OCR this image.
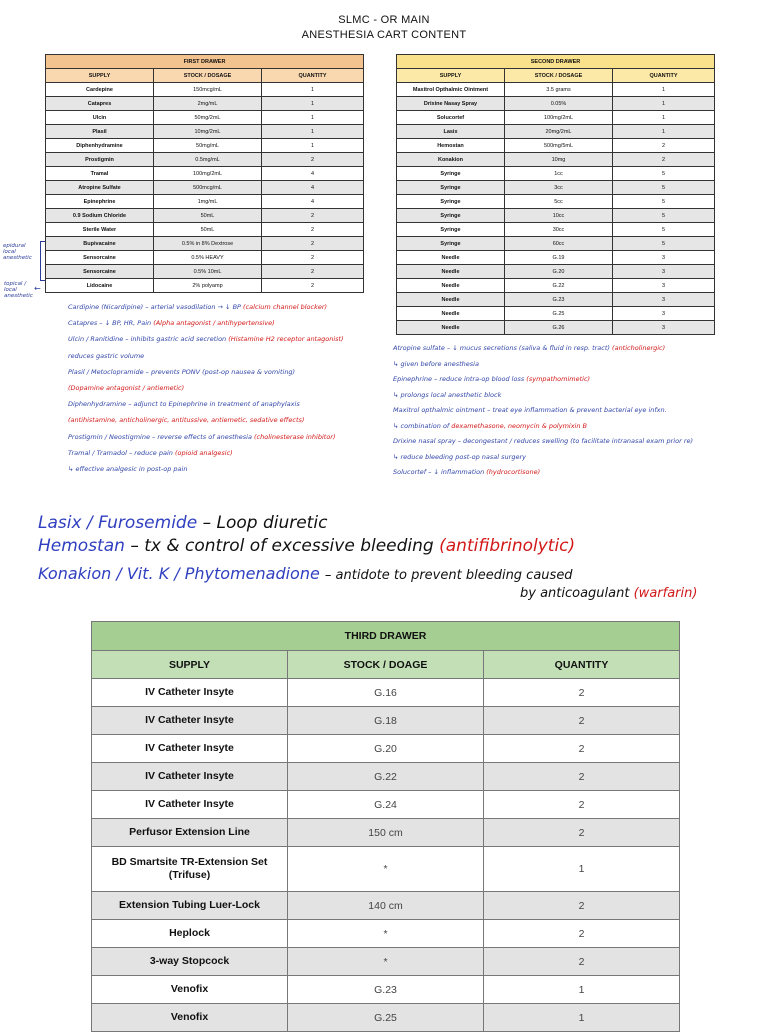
SLMC - OR MAIN
ANESTHESIA CART CONTENT
FIRST DRAWER		
SUPPLY	STOCK / DOSAGE	QUANTITY
Cardepine	150mcg/mL	1
Catapres	2mg/mL	1
Ulcin	50mg/2mL	1
Plasil	10mg/2mL	1
Diphenhydramine	50mg/mL	1
Prostigmin	0.5mg/mL	2
Tramal	100mg/2mL	4
Atropine Sulfate	500mcg/mL	4
Epinephrine	1mg/mL	4
0.9 Sodium Chloride	50mL	2
Sterile Water	50mL	2
Bupivacaine	0.5% in 8% Dextrose	2
Sensorcaine	0.5% HEAVY	2
Sensorcaine	0.5% 10mL	2
Lidocaine	2% polyamp	2
SECOND DRAWER		
SUPPLY	STOCK / DOSAGE	QUANTITY
Maxitrol Opthalmic Ointment	3.5 grams	1
Drixine Nasay Spray	0.05%	1
Solucortef	100mg/2mL	1
Lasix	20mg/2mL	1
Hemostan	500mg/5mL	2
Konakion	10mg	2
Syringe	1cc	5
Syringe	3cc	5
Syringe	5cc	5
Syringe	10cc	5
Syringe	30cc	5
Syringe	60cc	5
Needle	G.19	3
Needle	G.20	3
Needle	G.22	3
Needle	G.23	3
Needle	G.25	3
Needle	G.26	3
epidural
local
anesthetic
topical /
local
anesthetic
←
Cardipine (Nicardipine) – arterial vasodilation → ↓ BP (calcium channel blocker)
Catapres – ↓ BP, HR, Pain (Alpha antagonist / antihypertensive)
Ulcin / Ranitidine – inhibits gastric acid secretion (Histamine H2 receptor antagonist)
reduces gastric volume
Plasil / Metoclopramide – prevents PONV (post-op nausea & vomiting)
(Dopamine antagonist / antiemetic)
Diphenhydramine – adjunct to Epinephrine in treatment of anaphylaxis
(antihistamine, anticholinergic, antitussive, antiemetic, sedative effects)
Prostigmin / Neostigmine – reverse effects of anesthesia (cholinesterase inhibitor)
Tramal / Tramadol – reduce pain (opioid analgesic)
↳ effective analgesic in post-op pain
Atropine sulfate – ↓ mucus secretions (saliva & fluid in resp. tract) (anticholinergic)
↳ given before anesthesia
Epinephrine – reduce intra-op blood loss (sympathomimetic)
↳ prolongs local anesthetic block
Maxitrol opthalmic ointment – treat eye inflammation & prevent bacterial eye infxn.
↳ combination of dexamethasone, neomycin & polymixin B
Drixine nasal spray – decongestant / reduces swelling (to facilitate intranasal exam prior re)
↳ reduce bleeding post-op nasal surgery
Solucortef – ↓ inflammation (hydrocortisone)
Lasix / Furosemide – Loop diuretic
Hemostan – tx & control of excessive bleeding (antifibrinolytic)
Konakion / Vit. K / Phytomenadione – antidote to prevent bleeding caused
by anticoagulant (warfarin)
THIRD DRAWER		
SUPPLY	STOCK / DOAGE	QUANTITY
IV Catheter Insyte	G.16	2
IV Catheter Insyte	G.18	2
IV Catheter Insyte	G.20	2
IV Catheter Insyte	G.22	2
IV Catheter Insyte	G.24	2
Perfusor Extension Line	150 cm	2
BD Smartsite TR-Extension Set (Trifuse)	*	1
Extension Tubing Luer-Lock	140 cm	2
Heplock	*	2
3-way Stopcock	*	2
Venofix	G.23	1
Venofix	G.25	1
